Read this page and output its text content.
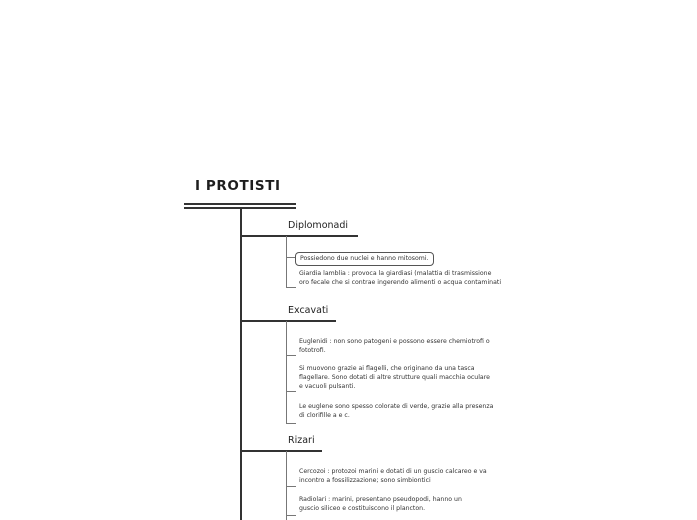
I PROTISTI
Diplomonadi
Possiedono due nuclei e hanno mitosomi.
Giardia lamblia : provoca la giardiasi (malattia di trasmissione
oro fecale che si contrae ingerendo alimenti o acqua contaminati
Excavati
Euglenidi : non sono patogeni e possono essere chemiotrofi o
fototrofi.
Si muovono grazie ai flagelli, che originano da una tasca
flagellare. Sono dotati di altre strutture quali macchia oculare
e vacuoli pulsanti.
Le euglene sono spesso colorate di verde, grazie alla presenza
di clorifille a e c.
Rizari
Cercozoi : protozoi marini e dotati di un guscio calcareo e va
incontro a fossilizzazione; sono simbiontici
Radiolari : marini, presentano pseudopodi, hanno un
guscio siliceo e costituiscono il plancton.
